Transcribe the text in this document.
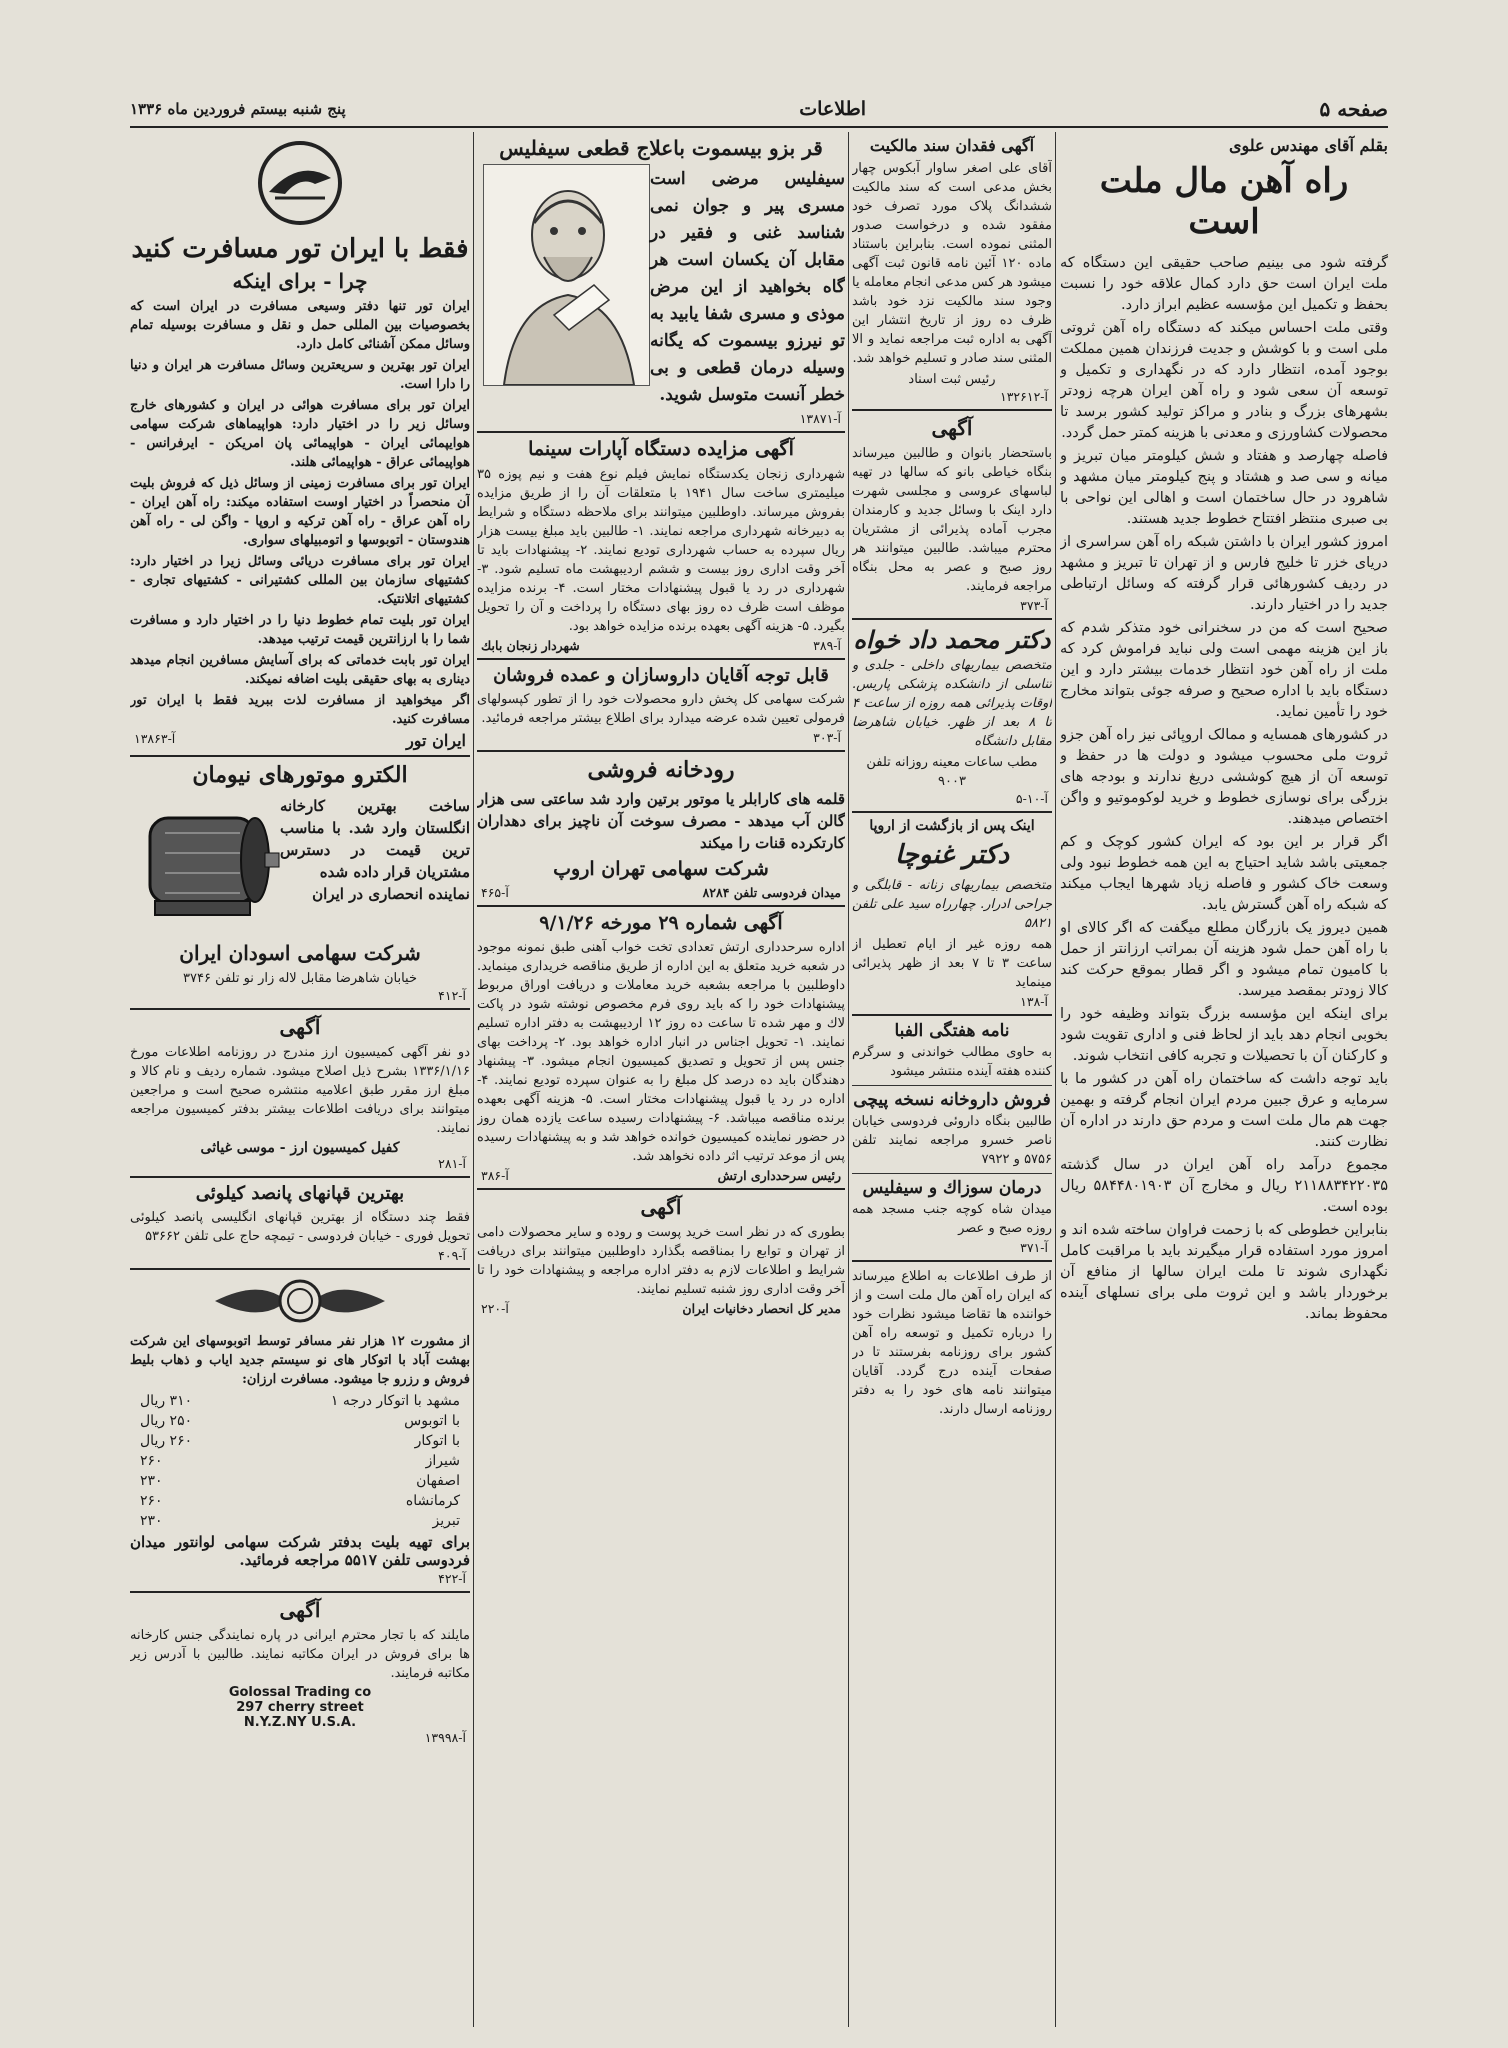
صفحه ۵
اطلاعات
پنج شنبه بیستم فروردین ماه ۱۳۳۶
بقلم آقای مهندس علوی
راه آهن مال ملت است

گرفته شود می بینیم صاحب حقیقی این دستگاه که ملت ایران است حق دارد کمال علاقه خود را نسبت بحفظ و تکمیل این مؤسسه عظیم ابراز دارد.

وقتی ملت احساس میکند که دستگاه راه آهن ثروتی ملی است و با کوشش و جدیت فرزندان همین مملکت بوجود آمده، انتظار دارد که در نگهداری و تکمیل و توسعه آن سعی شود و راه آهن ایران هرچه زودتر بشهرهای بزرگ و بنادر و مراکز تولید کشور برسد تا محصولات کشاورزی و معدنی با هزینه کمتر حمل گردد.

فاصله چهارصد و هفتاد و شش کیلومتر میان تبریز و میانه و سی صد و هشتاد و پنج کیلومتر میان مشهد و شاهرود در حال ساختمان است و اهالی این نواحی با بی صبری منتظر افتتاح خطوط جدید هستند.

امروز کشور ایران با داشتن شبکه راه آهن سراسری از دریای خزر تا خلیج فارس و از تهران تا تبریز و مشهد در ردیف کشورهائی قرار گرفته که وسائل ارتباطی جدید را در اختیار دارند.

صحیح است که من در سخنرانی خود متذکر شدم که باز این هزینه مهمی است ولی نباید فراموش کرد که ملت از راه آهن خود انتظار خدمات بیشتر دارد و این دستگاه باید با اداره صحیح و صرفه جوئی بتواند مخارج خود را تأمین نماید.

در کشورهای همسایه و ممالک اروپائی نیز راه آهن جزو ثروت ملی محسوب میشود و دولت ها در حفظ و توسعه آن از هیچ کوششی دریغ ندارند و بودجه های بزرگی برای نوسازی خطوط و خرید لوکوموتیو و واگن اختصاص میدهند.

اگر قرار بر این بود که ایران کشور کوچک و کم جمعیتی باشد شاید احتیاج به این همه خطوط نبود ولی وسعت خاک کشور و فاصله زیاد شهرها ایجاب میکند که شبکه راه آهن گسترش یابد.

همین دیروز یک بازرگان مطلع میگفت که اگر کالای او با راه آهن حمل شود هزینه آن بمراتب ارزانتر از حمل با کامیون تمام میشود و اگر قطار بموقع حرکت کند کالا زودتر بمقصد میرسد.

برای اینکه این مؤسسه بزرگ بتواند وظیفه خود را بخوبی انجام دهد باید از لحاظ فنی و اداری تقویت شود و کارکنان آن با تحصیلات و تجربه کافی انتخاب شوند.

باید توجه داشت که ساختمان راه آهن در کشور ما با سرمایه و عرق جبین مردم ایران انجام گرفته و بهمین جهت هم مال ملت است و مردم حق دارند در اداره آن نظارت کنند.

مجموع درآمد راه آهن ایران در سال گذشته ۲۱۱۸۸۳۴۲۲۰۳۵ ریال و مخارج آن ۵۸۴۴۸۰۱۹۰۳ ریال بوده است.

بنابراین خطوطی که با زحمت فراوان ساخته شده اند و امروز مورد استفاده قرار میگیرند باید با مراقبت کامل نگهداری شوند تا ملت ایران سالها از منافع آن برخوردار باشد و این ثروت ملی برای نسلهای آینده محفوظ بماند.

آگهی فقدان سند مالکیت

آقای علی اصغر ساوار آبکوس چهار بخش مدعی است که سند مالکیت ششدانگ پلاک مورد تصرف خود مفقود شده و درخواست صدور المثنی نموده است. بنابراین باستناد ماده ۱۲۰ آئین نامه قانون ثبت آگهی میشود هر کس مدعی انجام معامله یا وجود سند مالکیت نزد خود باشد ظرف ده روز از تاریخ انتشار این آگهی به اداره ثبت مراجعه نماید و الا المثنی سند صادر و تسلیم خواهد شد.

رئیس ثبت اسناد
آ-۱۳۲۶۱۲
آگهی

باستحضار بانوان و طالبین میرساند بنگاه خیاطی بانو که سالها در تهیه لباسهای عروسی و مجلسی شهرت دارد اینک با وسائل جدید و کارمندان مجرب آماده پذیرائی از مشتریان محترم میباشد. طالبین میتوانند هر روز صبح و عصر به محل بنگاه مراجعه فرمایند.

آ-۳۷۳
دکتر محمد داد خواه

متخصص بیماریهای داخلی - جلدی و تناسلی از دانشکده پزشکی پاریس. اوقات پذیرائی همه روزه از ساعت ۴ تا ۸ بعد از ظهر. خیابان شاهرضا مقابل دانشگاه

مطب ساعات معینه روزانه تلفن ۹۰۰۳
آ-۱۰-۵
اینک پس از بازگشت از اروپا
دکتر غنوچا

متخصص بیماریهای زنانه - قابلگی و جراحی ادرار. چهارراه سید علی تلفن ۵۸۲۱

همه روزه غیر از ایام تعطیل از ساعت ۳ تا ۷ بعد از ظهر پذیرائی مینماید

آ-۱۳۸
نامه هفتگی الفبا

به حاوی مطالب خواندنی و سرگرم کننده هفته آینده منتشر میشود

فروش داروخانه نسخه پیچی

طالبین بنگاه داروئی فردوسی خیابان ناصر خسرو مراجعه نمایند تلفن ۵۷۵۶ و ۷۹۲۲

درمان سوزاك و سیفلیس

میدان شاه کوچه جنب مسجد همه روزه صبح و عصر

آ-۳۷۱

از طرف اطلاعات به اطلاع میرساند که ایران راه آهن مال ملت است و از خواننده ها تقاضا میشود نظرات خود را درباره تکمیل و توسعه راه آهن کشور برای روزنامه بفرستند تا در صفحات آینده درج گردد. آقایان میتوانند نامه های خود را به دفتر روزنامه ارسال دارند.

قر بزو بیسموت باعلاج قطعی سیفلیس

سیفلیس مرضی است مسری پیر و جوان نمی شناسد غنی و فقیر در مقابل آن یکسان است هر گاه بخواهید از این مرض موذی و مسری شفا یابید به تو نیرزو بیسموت که یگانه وسیله درمان قطعی و بی خطر آنست متوسل شوید.

آ-۱۳۸۷۱
آگهی مزایده دستگاه آپارات سینما

شهرداری زنجان یکدستگاه نمایش فیلم نوع هفت و نیم پوزه ۳۵ میلیمتری ساخت سال ۱۹۴۱ با متعلقات آن را از طریق مزایده بفروش میرساند. داوطلبین میتوانند برای ملاحظه دستگاه و شرایط به دبیرخانه شهرداری مراجعه نمایند. ۱- طالبین باید مبلغ بیست هزار ریال سپرده به حساب شهرداری تودیع نمایند. ۲- پیشنهادات باید تا آخر وقت اداری روز بیست و ششم اردیبهشت ماه تسلیم شود. ۳- شهرداری در رد یا قبول پیشنهادات مختار است. ۴- برنده مزایده موظف است ظرف ده روز بهای دستگاه را پرداخت و آن را تحویل بگیرد. ۵- هزینه آگهی بعهده برنده مزایده خواهد بود.

آ-۳۸۹
شهردار زنجان بابك
قابل توجه آقایان داروسازان و عمده فروشان

شرکت سهامی کل پخش دارو محصولات خود را از تطور کپسولهای فرمولی تعیین شده عرضه میدارد برای اطلاع بیشتر مراجعه فرمائید.

آ-۳۰۳
رودخانه فروشی

قلمه های کارابلر یا موتور برتین وارد شد ساعتی سی هزار گالن آب میدهد - مصرف سوخت آن ناچیز برای دهداران کارتکرده قنات را میکند

شرکت سهامی تهران اروپ
میدان فردوسی تلفن ۸۲۸۴
آ-۴۶۵
آگهی شماره ۲۹ مورخه ۹/۱/۲۶

اداره سرحدداری ارتش تعدادی تخت خواب آهنی طبق نمونه موجود در شعبه خرید متعلق به این اداره از طریق مناقصه خریداری مینماید. داوطلبین با مراجعه بشعبه خرید معاملات و دریافت اوراق مربوط پیشنهادات خود را که باید روی فرم مخصوص نوشته شود در پاکت لاك و مهر شده تا ساعت ده روز ۱۲ اردیبهشت به دفتر اداره تسلیم نمایند. ۱- تحویل اجناس در انبار اداره خواهد بود. ۲- پرداخت بهای جنس پس از تحویل و تصدیق کمیسیون انجام میشود. ۳- پیشنهاد دهندگان باید ده درصد کل مبلغ را به عنوان سپرده تودیع نمایند. ۴- اداره در رد یا قبول پیشنهادات مختار است. ۵- هزینه آگهی بعهده برنده مناقصه میباشد. ۶- پیشنهادات رسیده ساعت یازده همان روز در حضور نماینده کمیسیون خوانده خواهد شد و به پیشنهادات رسیده پس از موعد ترتیب اثر داده نخواهد شد.

رئیس سرحدداری ارتش
آ-۳۸۶
آگهی

بطوری که در نظر است خرید پوست و روده و سایر محصولات دامی از تهران و توابع را بمناقصه بگذارد داوطلبین میتوانند برای دریافت شرایط و اطلاعات لازم به دفتر اداره مراجعه و پیشنهادات خود را تا آخر وقت اداری روز شنبه تسلیم نمایند.

مدیر کل انحصار دخانیات ایران
آ-۲۲۰
فقط با ایران تور مسافرت کنید
چرا - برای اینکه

ایران تور تنها دفتر وسیعی مسافرت در ایران است که بخصوصیات بین المللی حمل و نقل و مسافرت بوسیله تمام وسائل ممکن آشنائی کامل دارد.

ایران تور بهترین و سریعترین وسائل مسافرت هر ایران و دنیا را دارا است.

ایران تور برای مسافرت هوائی در ایران و کشورهای خارج وسائل زیر را در اختیار دارد: هواپیماهای شرکت سهامی هوایپمائی ایران - هواپیمائی پان امریکن - ایرفرانس - هواپیمائی عراق - هواپیمائی هلند.

ایران تور برای مسافرت زمینی از وسائل ذیل که فروش بلیت آن منحصراً در اختیار اوست استفاده میکند: راه آهن ایران - راه آهن عراق - راه آهن ترکیه و اروپا - واگن لی - راه آهن هندوستان - اتوبوسها و اتومبیلهای سواری.

ایران تور برای مسافرت دریائی وسائل زیرا در اختیار دارد: کشتیهای سازمان بین المللی کشتیرانی - کشتیهای تجاری - کشتیهای اتلانتیک.

ایران تور بلیت تمام خطوط دنیا را در اختیار دارد و مسافرت شما را با ارزانترین قیمت ترتیب میدهد.

ایران تور بابت خدماتی که برای آسایش مسافرین انجام میدهد دیناری به بهای حقیقی بلیت اضافه نمیکند.

اگر میخواهید از مسافرت لذت ببرید فقط با ایران تور مسافرت کنید.

ایران تور
آ-۱۳۸۶۳
الکترو موتورهای نیومان

ساخت بهترین کارخانه انگلستان وارد شد. با مناسب ترین قیمت در دسترس مشتریان قرار داده شده

نماینده انحصاری در ایران

شرکت سهامی اسودان ایران
خیابان شاهرضا مقابل لاله زار نو تلفن ۳۷۴۶
آ-۴۱۲
آگهی

دو نفر آگهی کمیسیون ارز مندرج در روزنامه اطلاعات مورخ ۱۳۳۶/۱/۱۶ بشرح ذیل اصلاح میشود. شماره ردیف و نام کالا و مبلغ ارز مقرر طبق اعلامیه منتشره صحیح است و مراجعین میتوانند برای دریافت اطلاعات بیشتر بدفتر کمیسیون مراجعه نمایند.

کفیل کمیسیون ارز - موسی غیاثی
آ-۲۸۱
بهترین قپانهای پانصد کیلوئی

فقط چند دستگاه از بهترین قپانهای انگلیسی پانصد کیلوئی تحویل فوری - خیابان فردوسی - تیمچه حاج علی تلفن ۵۳۶۶۲

آ-۴۰۹

از مشورت ۱۲ هزار نفر مسافر توسط اتوبوسهای این شرکت بهشت آباد با اتوکار های نو سیستم جدید ایاب و ذهاب بلیط فروش و رزرو جا میشود. مسافرت ارزان:

مشهد با اتوکار درجه ۱
۳۱۰ ریال
با اتوبوس
۲۵۰ ریال
با اتوکار
۲۶۰ ریال
شیراز
۲۶۰
اصفهان
۲۳۰
کرمانشاه
۲۶۰
تبریز
۲۳۰

برای تهیه بلیت بدفتر شرکت سهامی لوانتور میدان فردوسی تلفن ۵۵۱۷ مراجعه فرمائید.

آ-۴۲۲
آگهی

مایلند که با تجار محترم ایرانی در پاره نمایندگی جنس کارخانه ها برای فروش در ایران مکاتبه نمایند. طالبین با آدرس زیر مکاتبه فرمایند.

Golossal Trading co
297 cherry street
N.Y.Z.NY U.S.A.
آ-۱۳۹۹۸
